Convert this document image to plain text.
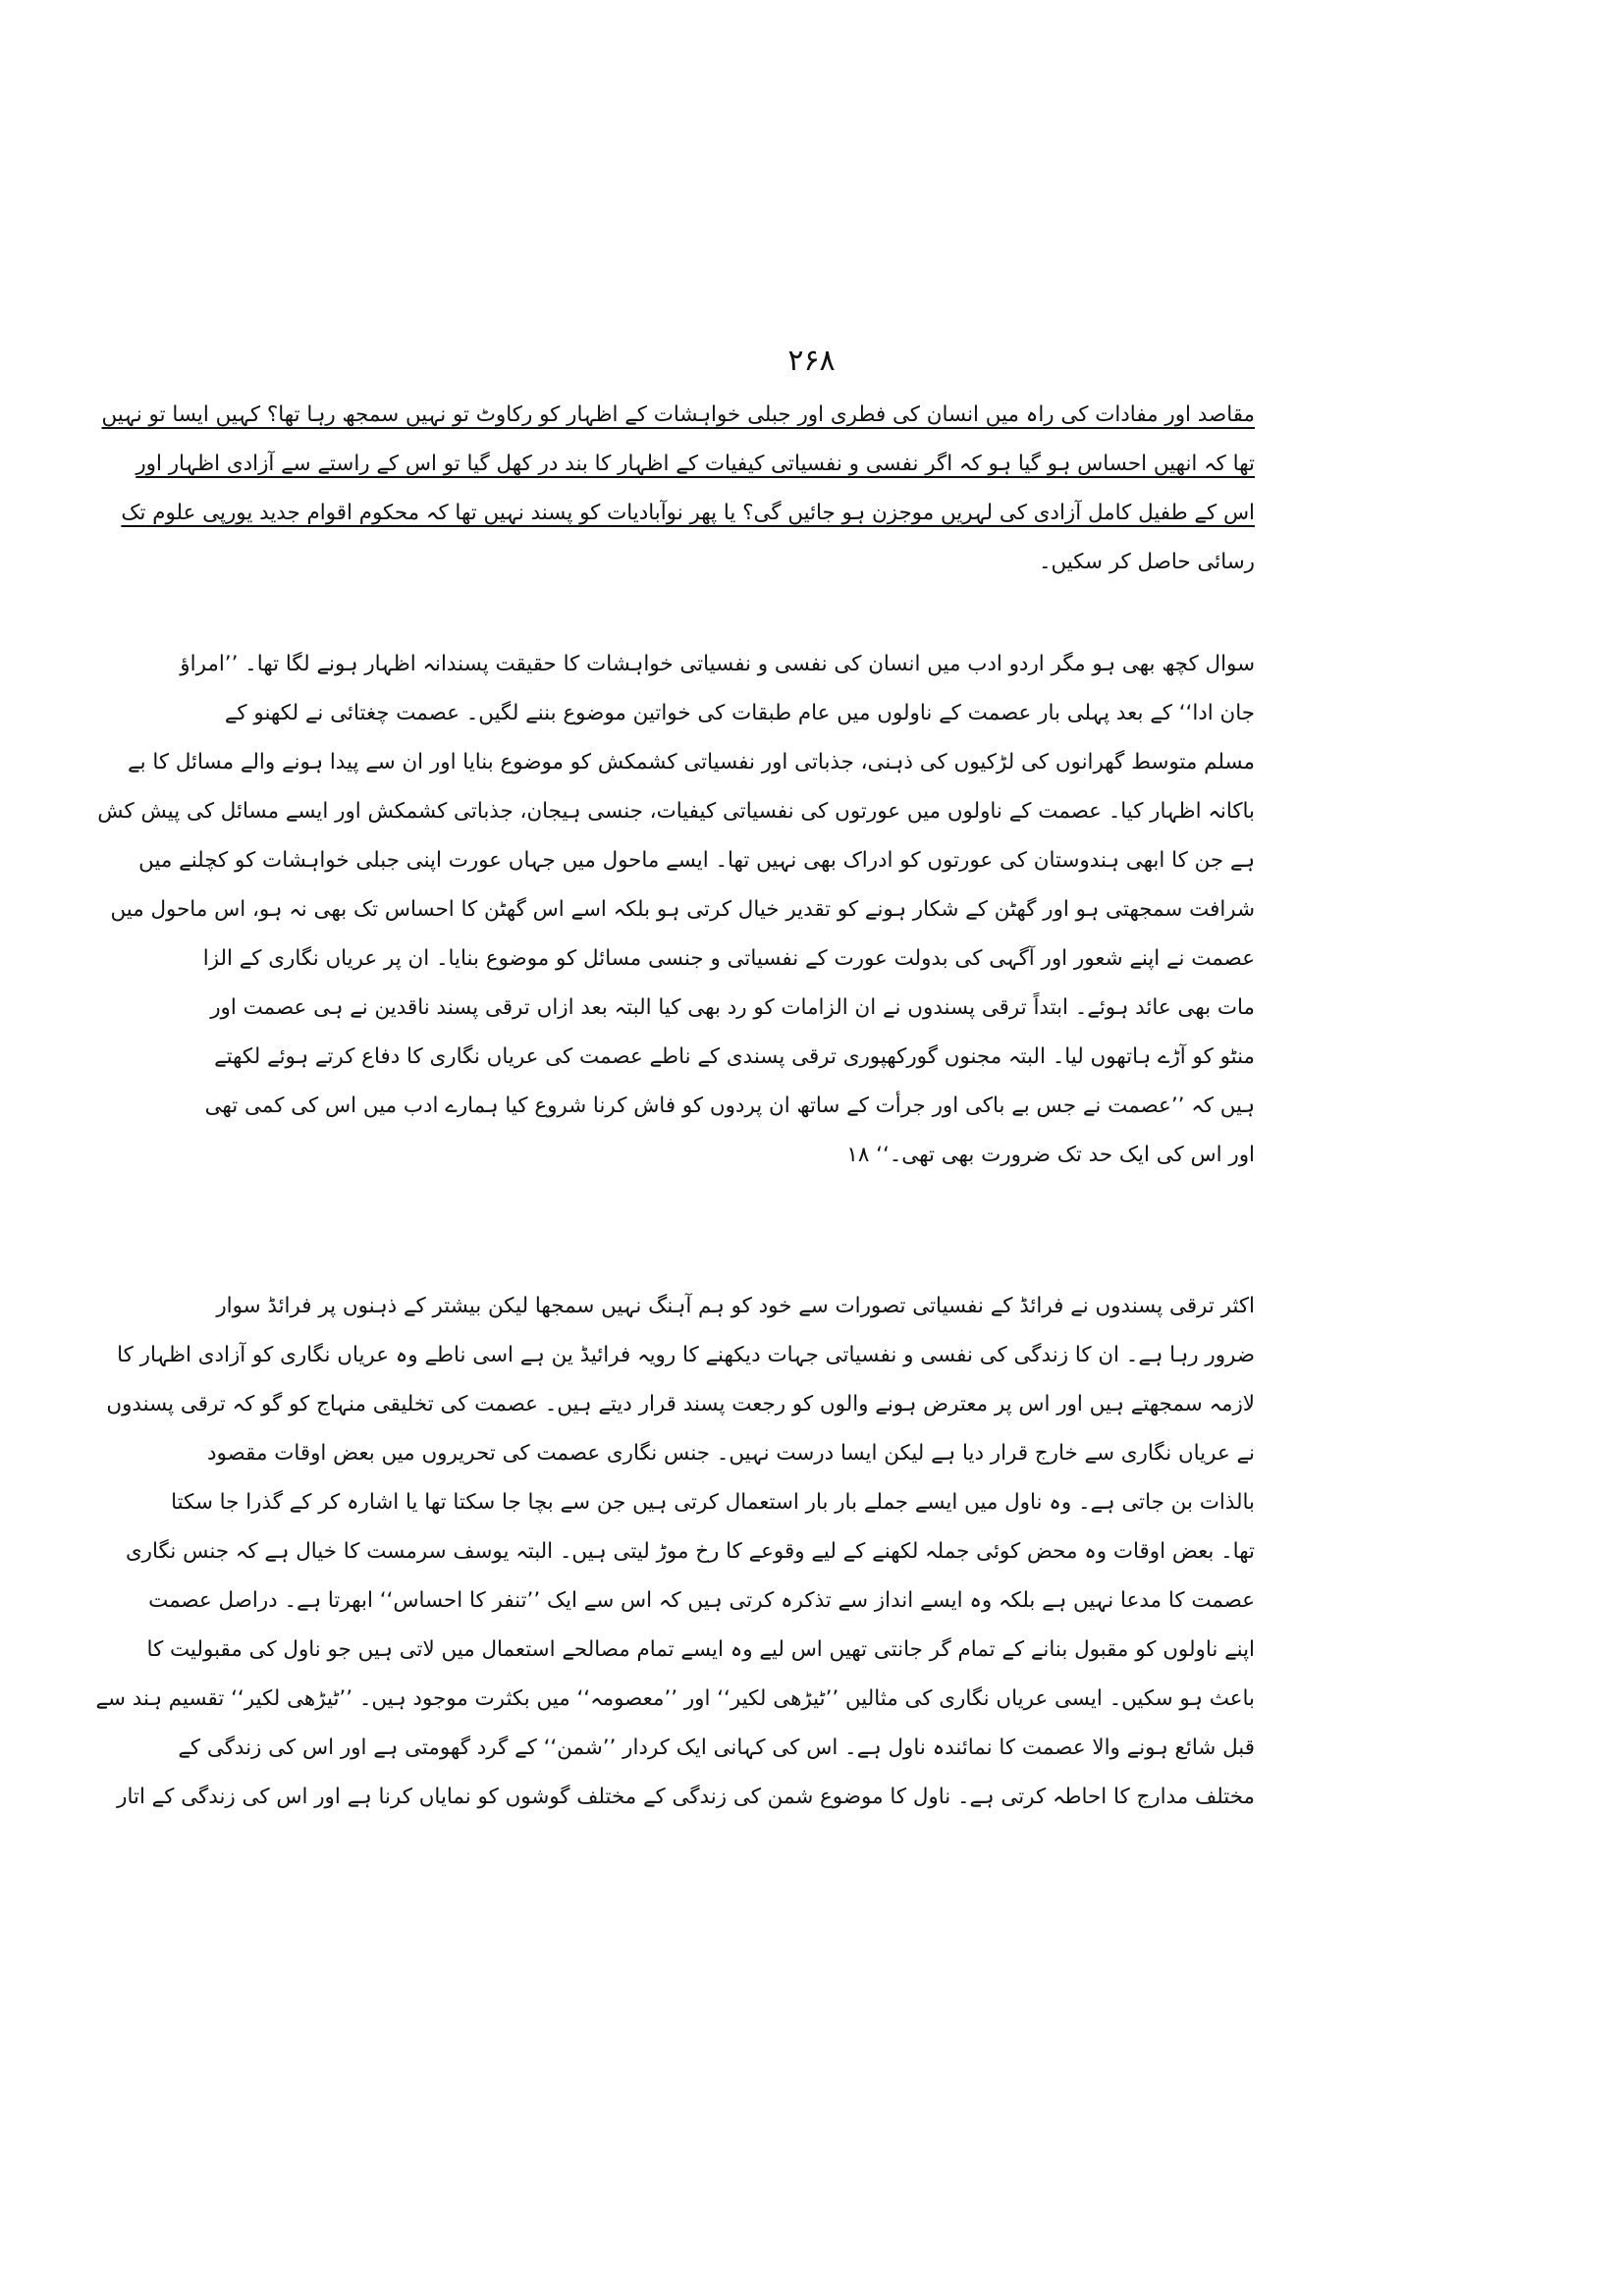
۲۶۸
مقاصد اور مفادات کی راہ میں انسان کی فطری اور جبلی خواہشات کے اظہار کو رکاوٹ تو نہیں سمجھ رہا تھا؟ کہیں ایسا تو نہیں
تھا کہ انھیں احساس ہو گیا ہو کہ اگر نفسی و نفسیاتی کیفیات کے اظہار کا بند در کھل گیا تو اس کے راستے سے آزادی اظہار اور
اس کے طفیل کامل آزادی کی لہریں موجزن ہو جائیں گی؟ یا پھر نوآبادیات کو پسند نہیں تھا کہ محکوم اقوام جدید یورپی علوم تک
رسائی حاصل کر سکیں۔
سوال کچھ بھی ہو مگر اردو ادب میں انسان کی نفسی و نفسیاتی خواہشات کا حقیقت پسندانہ اظہار ہونے لگا تھا۔ ’’امراؤ
جان ادا‘‘ کے بعد پہلی بار عصمت کے ناولوں میں عام طبقات کی خواتین موضوع بننے لگیں۔ عصمت چغتائی نے لکھنو کے
مسلم متوسط گھرانوں کی لڑکیوں کی ذہنی، جذباتی اور نفسیاتی کشمکش کو موضوع بنایا اور ان سے پیدا ہونے والے مسائل کا بے
باکانہ اظہار کیا۔ عصمت کے ناولوں میں عورتوں کی نفسیاتی کیفیات، جنسی ہیجان، جذباتی کشمکش اور ایسے مسائل کی پیش کش
ہے جن کا ابھی ہندوستان کی عورتوں کو ادراک بھی نہیں تھا۔ ایسے ماحول میں جہاں عورت اپنی جبلی خواہشات کو کچلنے میں
شرافت سمجھتی ہو اور گھٹن کے شکار ہونے کو تقدیر خیال کرتی ہو بلکہ اسے اس گھٹن کا احساس تک بھی نہ ہو، اس ماحول میں
عصمت نے اپنے شعور اور آگہی کی بدولت عورت کے نفسیاتی و جنسی مسائل کو موضوع بنایا۔ ان پر عریاں نگاری کے الزا
مات بھی عائد ہوئے۔ ابتداً ترقی پسندوں نے ان الزامات کو رد بھی کیا البتہ بعد ازاں ترقی پسند ناقدین نے ہی عصمت اور
منٹو کو آڑے ہاتھوں لیا۔ البتہ مجنوں گورکھپوری ترقی پسندی کے ناطے عصمت کی عریاں نگاری کا دفاع کرتے ہوئے لکھتے
ہیں کہ ’’عصمت نے جس بے باکی اور جرأت کے ساتھ ان پردوں کو فاش کرنا شروع کیا ہمارے ادب میں اس کی کمی تھی
اور اس کی ایک حد تک ضرورت بھی تھی۔‘‘ ۱۸
اکثر ترقی پسندوں نے فرائڈ کے نفسیاتی تصورات سے خود کو ہم آہنگ نہیں سمجھا لیکن بیشتر کے ذہنوں پر فرائڈ سوار
ضرور رہا ہے۔ ان کا زندگی کی نفسی و نفسیاتی جہات دیکھنے کا رویہ فرائیڈ ین ہے اسی ناطے وہ عریاں نگاری کو آزادی اظہار کا
لازمہ سمجھتے ہیں اور اس پر معترض ہونے والوں کو رجعت پسند قرار دیتے ہیں۔ عصمت کی تخلیقی منہاج کو گو کہ ترقی پسندوں
نے عریاں نگاری سے خارج قرار دیا ہے لیکن ایسا درست نہیں۔ جنس نگاری عصمت کی تحریروں میں بعض اوقات مقصود
بالذات بن جاتی ہے۔ وہ ناول میں ایسے جملے بار بار استعمال کرتی ہیں جن سے بچا جا سکتا تھا یا اشارہ کر کے گذرا جا سکتا
تھا۔ بعض اوقات وہ محض کوئی جملہ لکھنے کے لیے وقوعے کا رخ موڑ لیتی ہیں۔ البتہ یوسف سرمست کا خیال ہے کہ جنس نگاری
عصمت کا مدعا نہیں ہے بلکہ وہ ایسے انداز سے تذکرہ کرتی ہیں کہ اس سے ایک ’’تنفر کا احساس‘‘ ابھرتا ہے۔ دراصل عصمت
اپنے ناولوں کو مقبول بنانے کے تمام گر جانتی تھیں اس لیے وہ ایسے تمام مصالحے استعمال میں لاتی ہیں جو ناول کی مقبولیت کا
باعث ہو سکیں۔ ایسی عریاں نگاری کی مثالیں ’’ٹیڑھی لکیر‘‘ اور ’’معصومہ‘‘ میں بکثرت موجود ہیں۔ ’’ٹیڑھی لکیر‘‘ تقسیم ہند سے
قبل شائع ہونے والا عصمت کا نمائندہ ناول ہے۔ اس کی کہانی ایک کردار ’’شمن‘‘ کے گرد گھومتی ہے اور اس کی زندگی کے
مختلف مدارج کا احاطہ کرتی ہے۔ ناول کا موضوع شمن کی زندگی کے مختلف گوشوں کو نمایاں کرنا ہے اور اس کی زندگی کے اتار
